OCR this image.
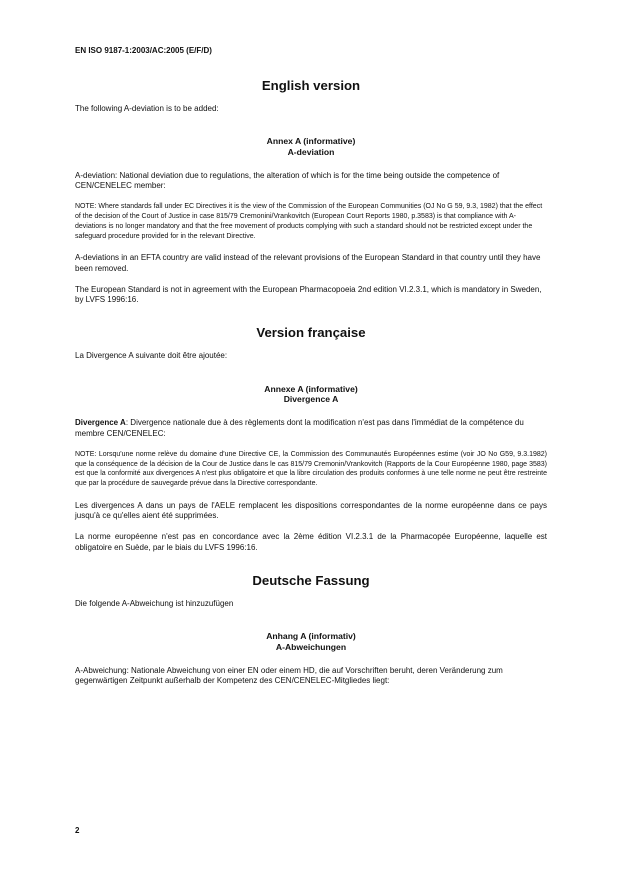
EN ISO 9187-1:2003/AC:2005 (E/F/D)
English version

The following A-deviation is to be added:

Annex A (informative)
A-deviation

A-deviation: National deviation due to regulations, the alteration of which is for the time being outside the competence of CEN/CENELEC member:

NOTE: Where standards fall under EC Directives it is the view of the Commission of the European Communities (OJ No G 59, 9.3, 1982) that the effect of the decision of the Court of Justice in case 815/79 Cremonini/Vrankovitch (European Court Reports 1980, p.3583) is that compliance with A-deviations is no longer mandatory and that the free movement of products complying with such a standard should not be restricted except under the safeguard procedure provided for in the relevant Directive.

A-deviations in an EFTA country are valid instead of the relevant provisions of the European Standard in that country until they have been removed.

The European Standard is not in agreement with the European Pharmacopoeia 2nd edition VI.2.3.1, which is mandatory in Sweden, by LVFS 1996:16.

Version française

La Divergence A suivante doit être ajoutée:

Annexe A (informative)
Divergence A

Divergence A: Divergence nationale due à des règlements dont la modification n'est pas dans l'immédiat de la compétence du membre CEN/CENELEC:

NOTE: Lorsqu'une norme relève du domaine d'une Directive CE, la Commission des Communautés Européennes estime (voir JO No G59, 9.3.1982) que la conséquence de la décision de la Cour de Justice dans le cas 815/79 Cremonin/Vrankovitch (Rapports de la Cour Européenne 1980, page 3583) est que la conformité aux divergences A n'est plus obligatoire et que la libre circulation des produits conformes à une telle norme ne peut être restreinte que par la procédure de sauvegarde prévue dans la Directive correspondante.

Les divergences A dans un pays de l'AELE remplacent les dispositions correspondantes de la norme européenne dans ce pays jusqu'à ce qu'elles aient été supprimées.

La norme européenne n'est pas en concordance avec la 2ème édition VI.2.3.1 de la Pharmacopée Européenne, laquelle est obligatoire en Suède, par le biais du LVFS 1996:16.

Deutsche Fassung

Die folgende A-Abweichung ist hinzuzufügen

Anhang A (informativ)
A-Abweichungen

A-Abweichung: Nationale Abweichung von einer EN oder einem HD, die auf Vorschriften beruht, deren Veränderung zum gegenwärtigen Zeitpunkt außerhalb der Kompetenz des CEN/CENELEC-Mitgliedes liegt:

2
